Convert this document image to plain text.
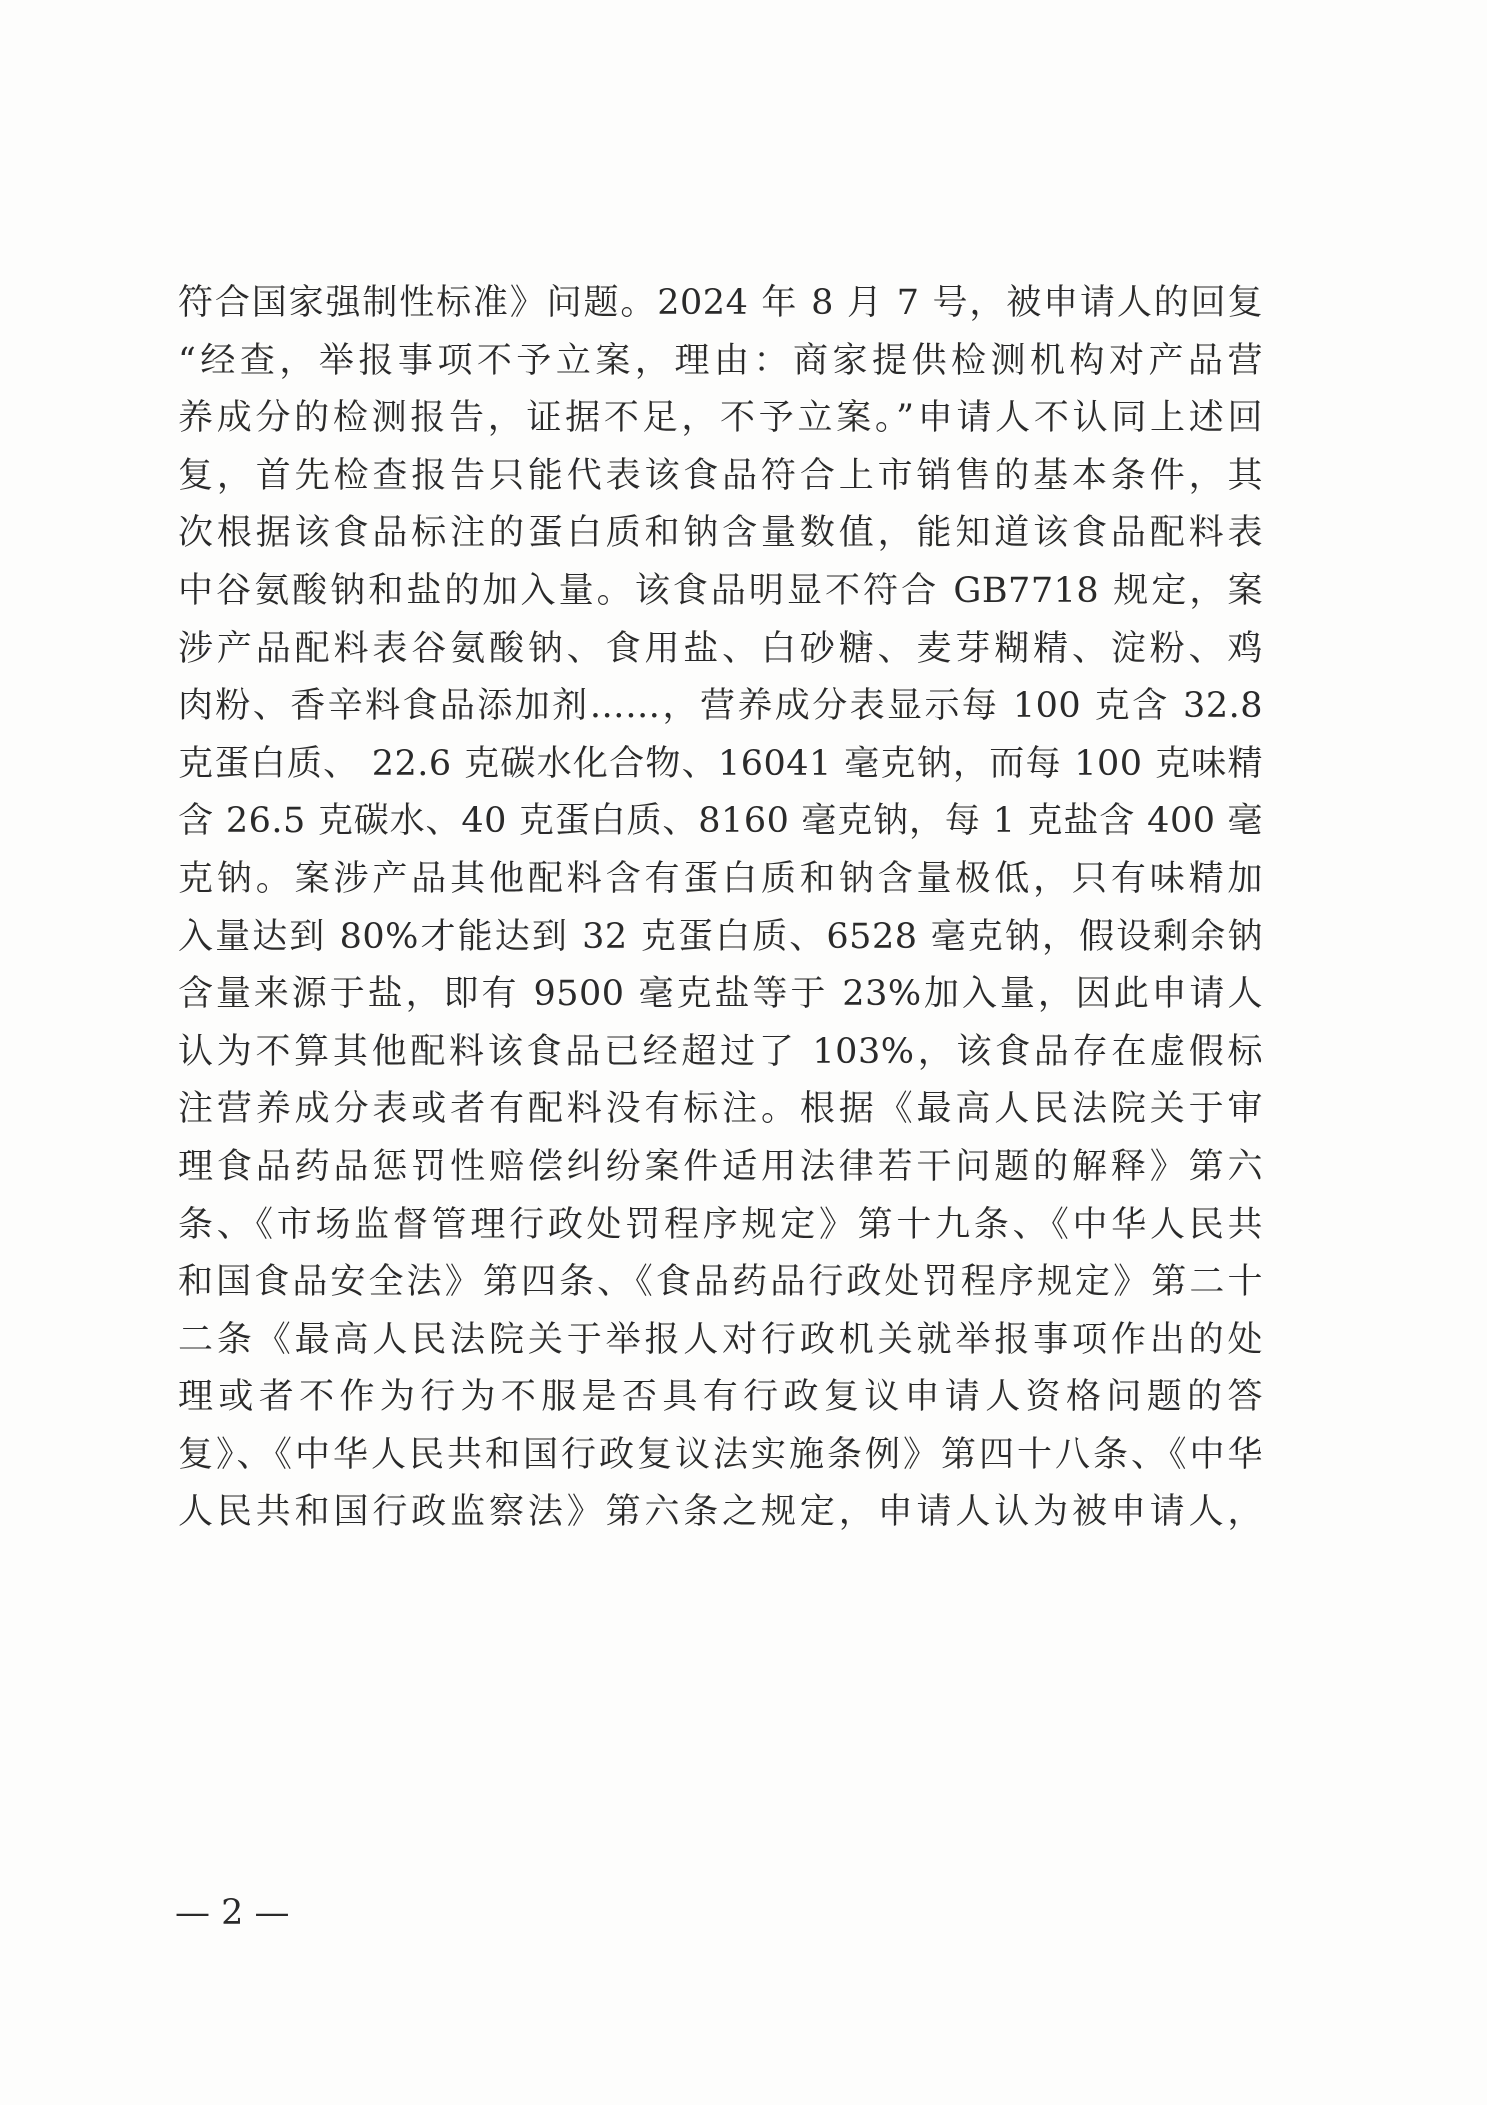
符合国家强制性标准》问题。2024 年 8 月 7 号，被申请人的回复
“经查，举报事项不予立案，理由：商家提供检测机构对产品营
养成分的检测报告，证据不足，不予立案。”申请人不认同上述回
复，首先检查报告只能代表该食品符合上市销售的基本条件，其
次根据该食品标注的蛋白质和钠含量数值，能知道该食品配料表
中谷氨酸钠和盐的加入量。该食品明显不符合 GB7718 规定，案
涉产品配料表谷氨酸钠、食用盐、白砂糖、麦芽糊精、淀粉、鸡
肉粉、香辛料食品添加剂……，营养成分表显示每 100 克含 32.8
克蛋白质、 22.6 克碳水化合物、16041 毫克钠，而每 100 克味精
含 26.5 克碳水、40 克蛋白质、8160 毫克钠，每 1 克盐含 400 毫
克钠。案涉产品其他配料含有蛋白质和钠含量极低，只有味精加
入量达到 80%才能达到 32 克蛋白质、6528 毫克钠，假设剩余钠
含量来源于盐，即有 9500 毫克盐等于 23%加入量，因此申请人
认为不算其他配料该食品已经超过了 103%，该食品存在虚假标
注营养成分表或者有配料没有标注。根据《最高人民法院关于审
理食品药品惩罚性赔偿纠纷案件适用法律若干问题的解释》第六
条、《市场监督管理行政处罚程序规定》第十九条、《中华人民共
和国食品安全法》第四条、《食品药品行政处罚程序规定》第二十
二条《最高人民法院关于举报人对行政机关就举报事项作出的处
理或者不作为行为不服是否具有行政复议申请人资格问题的答
复》、《中华人民共和国行政复议法实施条例》第四十八条、《中华
人民共和国行政监察法》第六条之规定，申请人认为被申请人，
— 2 —
